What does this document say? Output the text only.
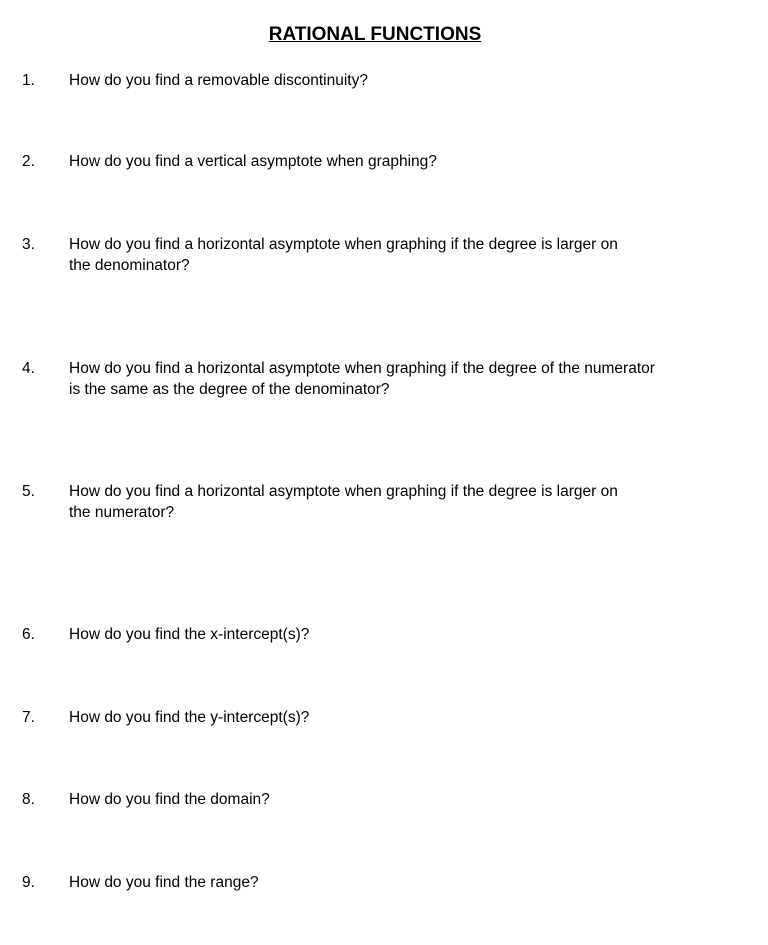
RATIONAL FUNCTIONS
1. How do you find a removable discontinuity?
2. How do you find a vertical asymptote when graphing?
3. How do you find a horizontal asymptote when graphing if the degree is larger on
the denominator?
4. How do you find a horizontal asymptote when graphing if the degree of the numerator
is the same as the degree of the denominator?
5. How do you find a horizontal asymptote when graphing if the degree is larger on
the numerator?
6. How do you find the x-intercept(s)?
7. How do you find the y-intercept(s)?
8. How do you find the domain?
9. How do you find the range?
